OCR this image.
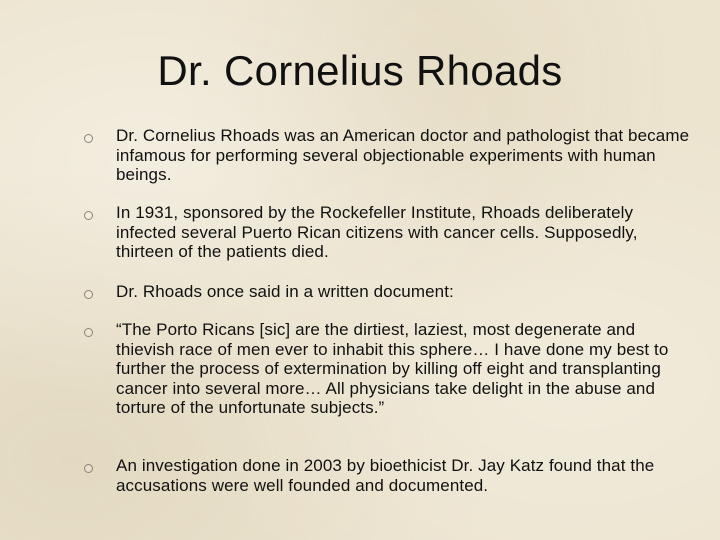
Dr. Cornelius Rhoads
Dr. Cornelius Rhoads was an American doctor and pathologist that became infamous for performing several objectionable experiments with human beings.
In 1931, sponsored by the Rockefeller Institute, Rhoads deliberately infected several Puerto Rican citizens with cancer cells. Supposedly, thirteen of the patients died.
Dr. Rhoads once said in a written document:
“The Porto Ricans [sic] are the dirtiest, laziest, most degenerate and thievish race of men ever to inhabit this sphere… I have done my best to further the process of extermination by killing off eight and transplanting cancer into several more… All physicians take delight in the abuse and torture of the unfortunate subjects.”
An investigation done in 2003 by bioethicist Dr. Jay Katz found that the accusations were well founded and documented.
